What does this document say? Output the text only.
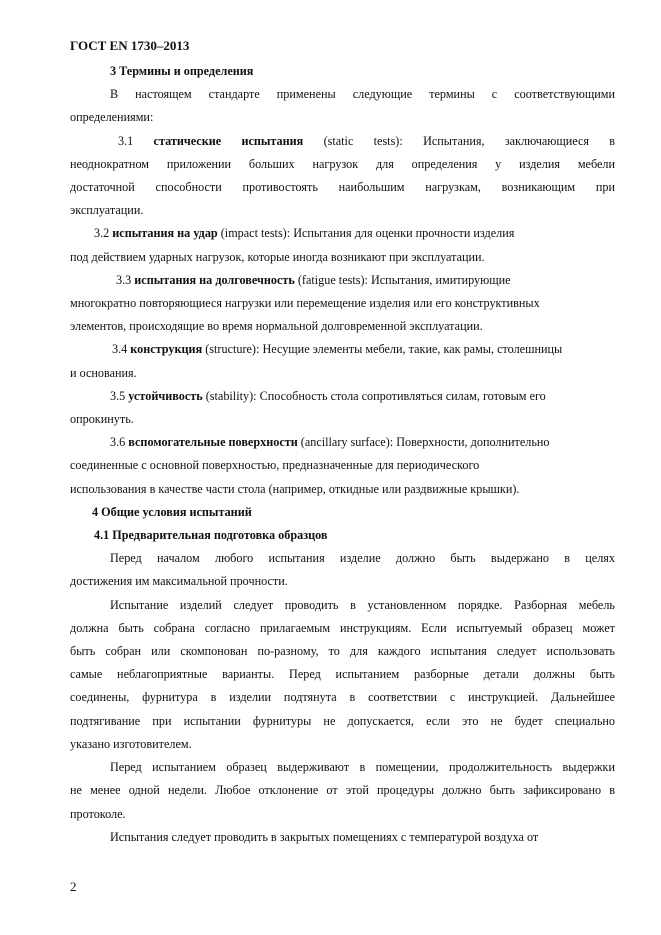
ГОСТ EN 1730–2013
3 Термины и определения
В настоящем стандарте применены следующие термины с соответствующими
определениями:
3.1 статические испытания (static tests): Испытания, заключающиеся в
неоднократном приложении больших нагрузок для определения у изделия мебели
достаточной способности противостоять наибольшим нагрузкам, возникающим при
эксплуатации.
3.2 испытания на удар (impact tests): Испытания для оценки прочности изделия
под действием ударных нагрузок, которые иногда возникают при эксплуатации.
3.3 испытания на долговечность (fatigue tests): Испытания, имитирующие
многократно повторяющиеся нагрузки или перемещение изделия или его конструктивных
элементов, происходящие во время нормальной долговременной эксплуатации.
3.4 конструкция (structure): Несущие элементы мебели, такие, как рамы, столешницы
и основания.
3.5 устойчивость (stability): Способность стола сопротивляться силам, готовым его
опрокинуть.
3.6 вспомогательные поверхности (ancillary surface): Поверхности, дополнительно
соединенные с основной поверхностью, предназначенные для периодического
использования в качестве части стола (например, откидные или раздвижные крышки).
4 Общие условия испытаний
4.1 Предварительная подготовка образцов
Перед началом любого испытания изделие должно быть выдержано в целях
достижения им максимальной прочности.
Испытание изделий следует проводить в установленном порядке. Разборная мебель
должна быть собрана согласно прилагаемым инструкциям. Если испытуемый образец может
быть собран или скомпонован по-разному, то для каждого испытания следует использовать
самые неблагоприятные варианты. Перед испытанием разборные детали должны быть
соединены, фурнитура в изделии подтянута в соответствии с инструкцией. Дальнейшее
подтягивание при испытании фурнитуры не допускается, если это не будет специально
указано изготовителем.
Перед испытанием образец выдерживают в помещении, продолжительность выдержки
не менее одной недели. Любое отклонение от этой процедуры должно быть зафиксировано в
протоколе.
Испытания следует проводить в закрытых помещениях с температурой воздуха от
2
